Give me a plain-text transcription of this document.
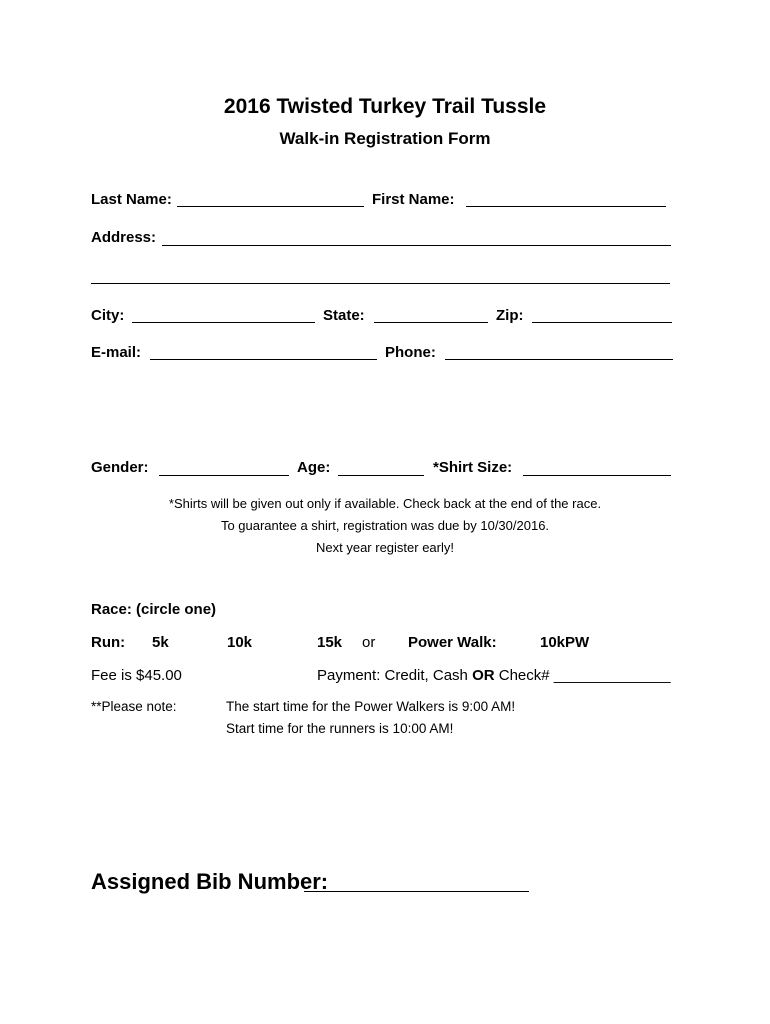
2016 Twisted Turkey Trail Tussle
Walk-in Registration Form
Last Name:	First Name:
Address:
City:	State:	Zip:
E-mail:	Phone:
Gender:	Age:	*Shirt Size:
*Shirts will be given out only if available. Check back at the end of the race.
To guarantee a shirt, registration was due by 10/30/2016.
Next year register early!
Race: (circle one)
Run: 5k	10k	15k or Power Walk:	10kPW
Fee is $45.00	Payment: Credit, Cash OR Check# ______________
**Please note:	The start time for the Power Walkers is 9:00 AM!
Start time for the runners is 10:00 AM!
Assigned Bib Number:
